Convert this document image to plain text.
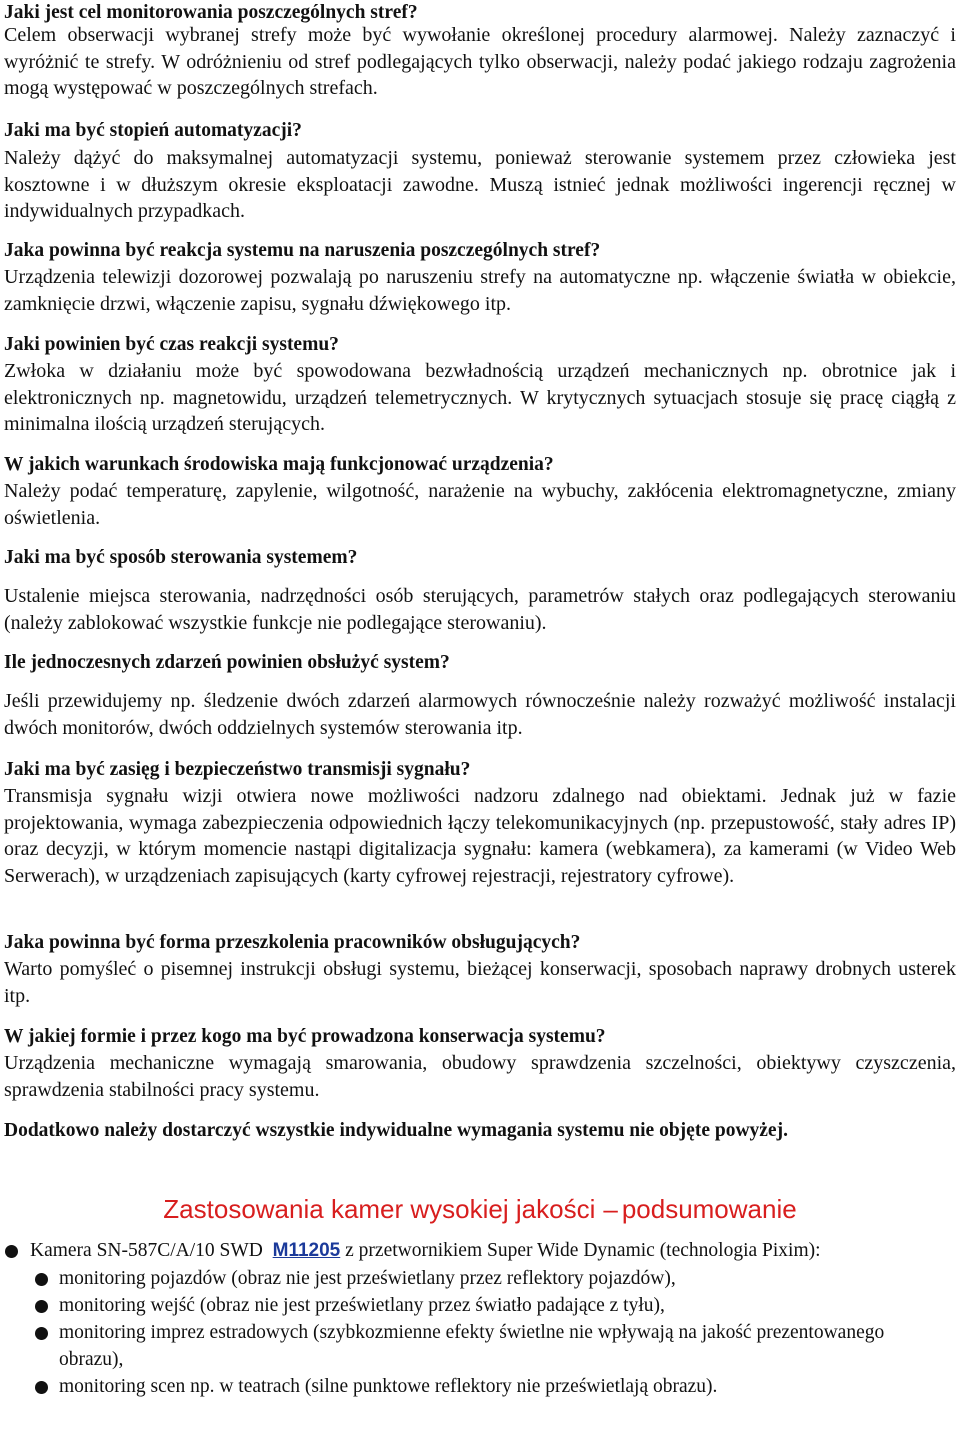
Jaki jest cel monitorowania poszczególnych stref?
Celem obserwacji wybranej strefy może być wywołanie określonej procedury alarmowej. Należy zaznaczyć i wyróżnić te strefy. W odróżnieniu od stref podlegających tylko obserwacji, należy podać jakiego rodzaju zagrożenia mogą występować w poszczególnych strefach.
Jaki ma być stopień automatyzacji?
Należy dążyć do maksymalnej automatyzacji systemu, ponieważ sterowanie systemem przez człowieka jest kosztowne i w dłuższym okresie eksploatacji zawodne. Muszą istnieć jednak możliwości ingerencji ręcznej w indywidualnych przypadkach.
Jaka powinna być reakcja systemu na naruszenia poszczególnych stref?
Urządzenia telewizji dozorowej pozwalają po naruszeniu strefy na automatyczne np. włączenie światła w obiekcie, zamknięcie drzwi, włączenie zapisu, sygnału dźwiękowego itp.
Jaki powinien być czas reakcji systemu?
Zwłoka w działaniu może być spowodowana bezwładnością urządzeń mechanicznych np. obrotnice jak i elektronicznych np. magnetowidu, urządzeń telemetrycznych. W krytycznych sytuacjach stosuje się pracę ciągłą z minimalna ilością urządzeń sterujących.
W jakich warunkach środowiska mają funkcjonować urządzenia?
Należy podać temperaturę, zapylenie, wilgotność, narażenie na wybuchy, zakłócenia elektromagnetyczne, zmiany oświetlenia.
Jaki ma być sposób sterowania systemem?
Ustalenie miejsca sterowania, nadrzędności osób sterujących, parametrów stałych oraz podlegających sterowaniu (należy zablokować wszystkie funkcje nie podlegające sterowaniu).
Ile jednoczesnych zdarzeń powinien obsłużyć system?
Jeśli przewidujemy np. śledzenie dwóch zdarzeń alarmowych równocześnie należy rozważyć możliwość instalacji dwóch monitorów, dwóch oddzielnych systemów sterowania itp.
Jaki ma być zasięg i bezpieczeństwo transmisji sygnału?
Transmisja sygnału wizji otwiera nowe możliwości nadzoru zdalnego nad obiektami. Jednak już w fazie projektowania, wymaga zabezpieczenia odpowiednich łączy telekomunikacyjnych (np. przepustowość, stały adres IP) oraz decyzji, w którym momencie nastąpi digitalizacja sygnału: kamera (webkamera), za kamerami (w Video Web Serwerach), w urządzeniach zapisujących (karty cyfrowej rejestracji, rejestratory cyfrowe).
Jaka powinna być forma przeszkolenia pracowników obsługujących?
Warto pomyśleć o pisemnej instrukcji obsługi systemu, bieżącej konserwacji, sposobach naprawy drobnych usterek itp.
W jakiej formie i przez kogo ma być prowadzona konserwacja systemu?
Urządzenia mechaniczne wymagają smarowania, obudowy sprawdzenia szczelności, obiektywy czyszczenia, sprawdzenia stabilności pracy systemu.
Dodatkowo należy dostarczyć wszystkie indywidualne wymagania systemu nie objęte powyżej.
Zastosowania kamer wysokiej jakości – podsumowanie
Kamera SN-587C/A/10 SWD M11205 z przetwornikiem Super Wide Dynamic (technologia Pixim):
monitoring pojazdów (obraz nie jest prześwietlany przez reflektory pojazdów),
monitoring wejść (obraz nie jest prześwietlany przez światło padające z tyłu),
monitoring imprez estradowych (szybkozmienne efekty świetlne nie wpływają na jakość prezentowanego obrazu),
monitoring scen np. w teatrach (silne punktowe reflektory nie prześwietlają obrazu).
